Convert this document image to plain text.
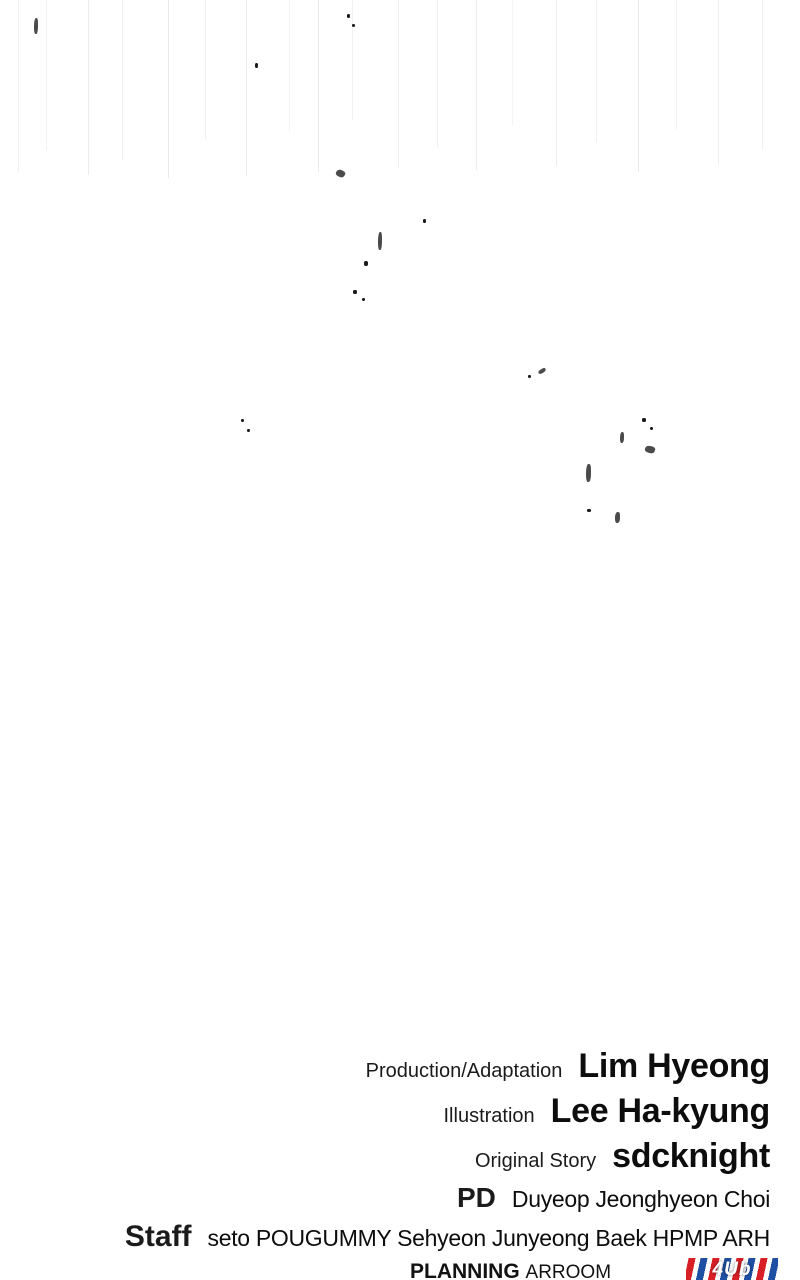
Production/Adaptation Lim Hyeong
Illustration Lee Ha-kyung
Original Story sdcknight
PD Duyeop Jeonghyeon Choi
Staff seto POUGUMMY Sehyeon Junyeong Baek HPMP ARH
PLANNING ARROOM	4Ub
